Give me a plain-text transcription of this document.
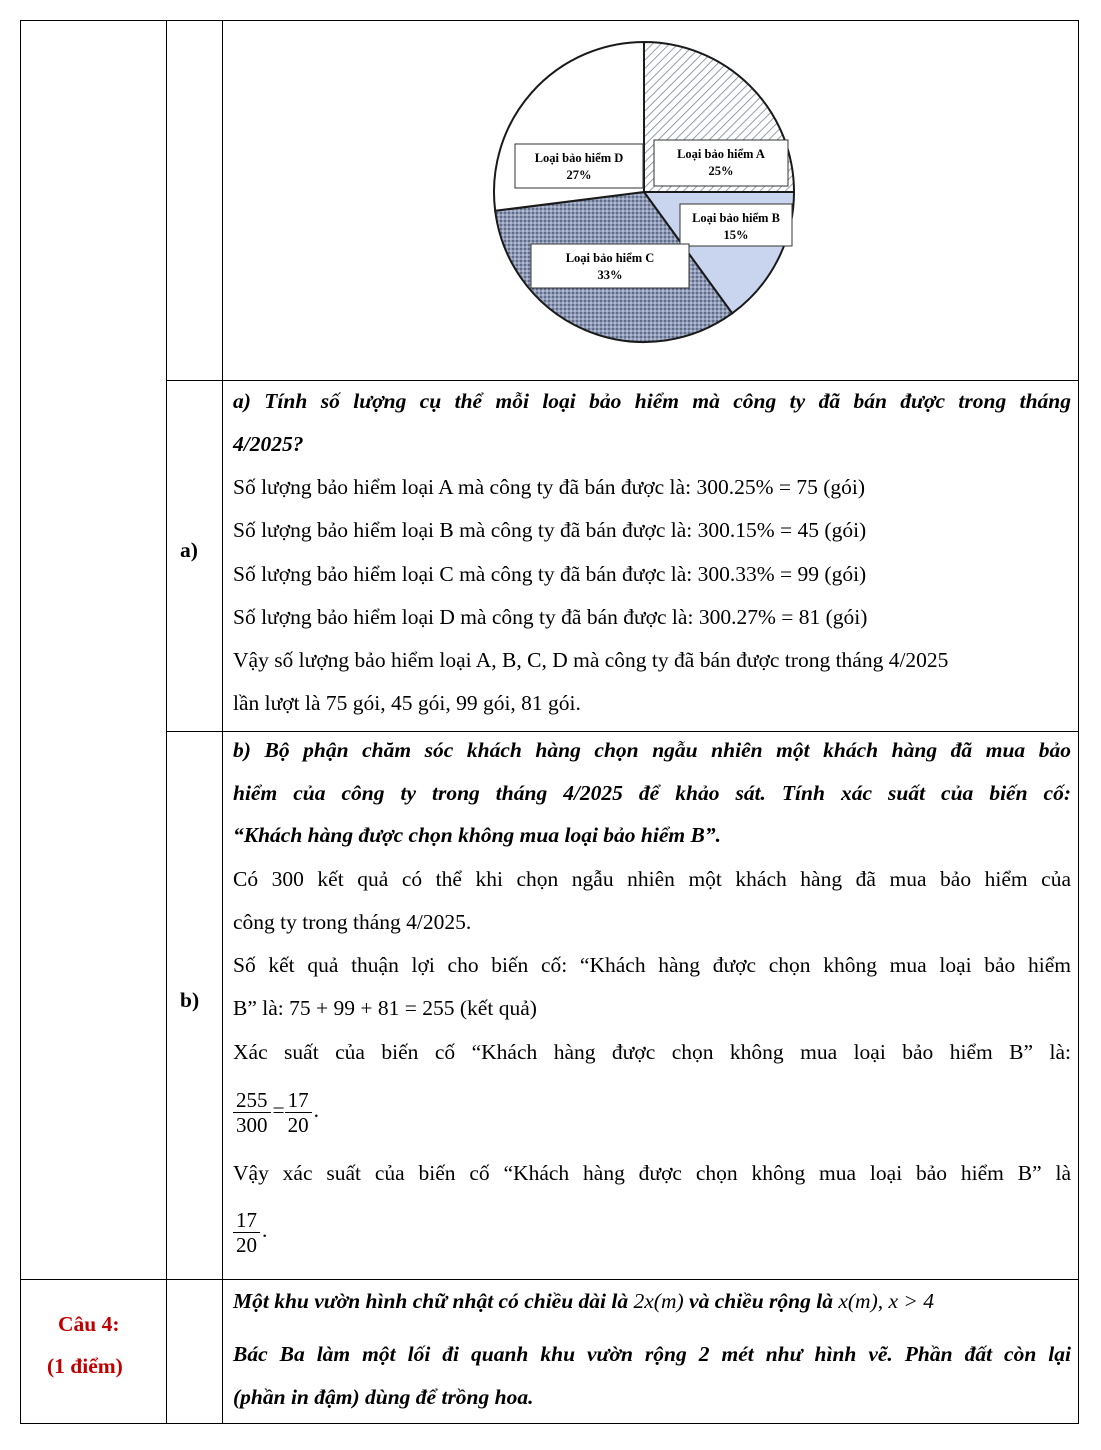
Loại bảo hiểm A
25%
Loại bảo hiểm B
15%
Loại bảo hiểm C
33%
Loại bảo hiểm D
27%
a)
a) Tính số lượng cụ thể mỗi loại bảo hiểm mà công ty đã bán được trong tháng
4/2025?
Số lượng bảo hiểm loại A mà công ty đã bán được là: 300.25% = 75 (gói)
Số lượng bảo hiểm loại B mà công ty đã bán được là: 300.15% = 45 (gói)
Số lượng bảo hiểm loại C mà công ty đã bán được là: 300.33% = 99 (gói)
Số lượng bảo hiểm loại D mà công ty đã bán được là: 300.27% = 81 (gói)
Vậy số lượng bảo hiểm loại A, B, C, D mà công ty đã bán được trong tháng 4/2025
lần lượt là 75 gói, 45 gói, 99 gói, 81 gói.
b)
b) Bộ phận chăm sóc khách hàng chọn ngẫu nhiên một khách hàng đã mua bảo
hiểm của công ty trong tháng 4/2025 để khảo sát. Tính xác suất của biến cố:
“Khách hàng được chọn không mua loại bảo hiểm B”.
Có 300 kết quả có thể khi chọn ngẫu nhiên một khách hàng đã mua bảo hiểm của
công ty trong tháng 4/2025.
Số kết quả thuận lợi cho biến cố: “Khách hàng được chọn không mua loại bảo hiểm
B” là: 75 + 99 + 81 = 255 (kết quả)
Xác suất của biến cố “Khách hàng được chọn không mua loại bảo hiểm B” là:
$\frac{255}{300} = \frac{17}{20}$ .
Vậy xác suất của biến cố “Khách hàng được chọn không mua loại bảo hiểm B” là
$\frac{17}{20}$ .
Câu 4:
(1 điểm)
Một khu vườn hình chữ nhật có chiều dài là 2x(m) và chiều rộng là x(m), x > 4
Bác Ba làm một lối đi quanh khu vườn rộng 2 mét như hình vẽ. Phần đất còn lại
(phần in đậm) dùng để trồng hoa.
